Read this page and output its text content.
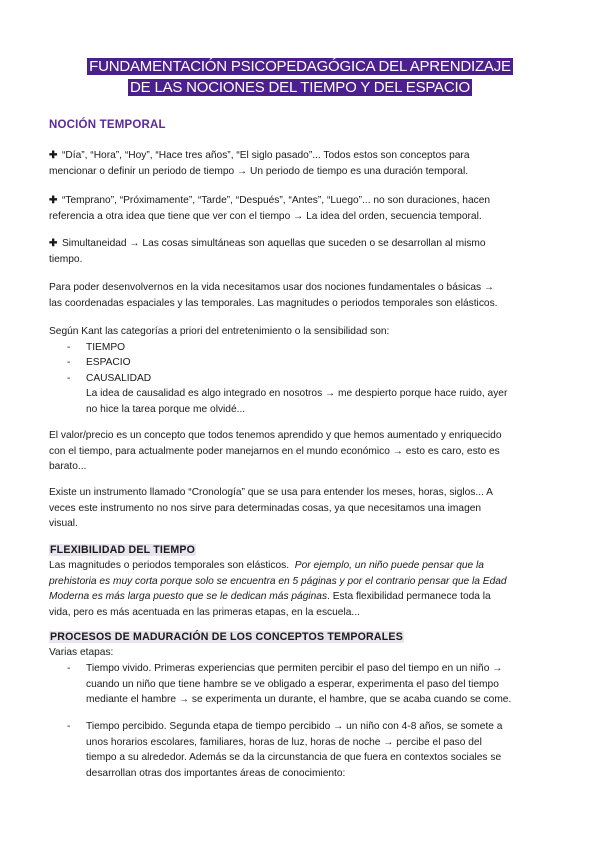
FUNDAMENTACIÓN PSICOPEDAGÓGICA DEL APRENDIZAJE
DE LAS NOCIONES DEL TIEMPO Y DEL ESPACIO
NOCIÓN TEMPORAL
✚ “Día”, “Hora”, “Hoy”, “Hace tres años”, “El siglo pasado”... Todos estos son conceptos para
mencionar o definir un periodo de tiempo → Un periodo de tiempo es una duración temporal.
✚ “Temprano”, “Próximamente”, “Tarde”, “Después”, “Antes”, “Luego”... no son duraciones, hacen
referencia a otra idea que tiene que ver con el tiempo → La idea del orden, secuencia temporal.
✚ Simultaneidad → Las cosas simultáneas son aquellas que suceden o se desarrollan al mismo
tiempo.
Para poder desenvolvernos en la vida necesitamos usar dos nociones fundamentales o básicas →
las coordenadas espaciales y las temporales. Las magnitudes o periodos temporales son elásticos.
Según Kant las categorías a priori del entretenimiento o la sensibilidad son:
- TIEMPO
- ESPACIO
- CAUSALIDAD
La idea de causalidad es algo integrado en nosotros → me despierto porque hace ruido, ayer
no hice la tarea porque me olvidé...
El valor/precio es un concepto que todos tenemos aprendido y que hemos aumentado y enriquecido
con el tiempo, para actualmente poder manejarnos en el mundo económico → esto es caro, esto es
barato...
Existe un instrumento llamado “Cronología” que se usa para entender los meses, horas, siglos... A
veces este instrumento no nos sirve para determinadas cosas, ya que necesitamos una imagen
visual.
FLEXIBILIDAD DEL TIEMPO
Las magnitudes o periodos temporales son elásticos.  Por ejemplo, un niño puede pensar que la
prehistoria es muy corta porque solo se encuentra en 5 páginas y por el contrario pensar que la Edad
Moderna es más larga puesto que se le dedican más páginas. Esta flexibilidad permanece toda la
vida, pero es más acentuada en las primeras etapas, en la escuela...
PROCESOS DE MADURACIÓN DE LOS CONCEPTOS TEMPORALES
Varias etapas:
- Tiempo vivido. Primeras experiencias que permiten percibir el paso del tiempo en un niño →
cuando un niño que tiene hambre se ve obligado a esperar, experimenta el paso del tiempo
mediante el hambre → se experimenta un durante, el hambre, que se acaba cuando se come.
- Tiempo percibido. Segunda etapa de tiempo percibido → un niño con 4-8 años, se somete a
unos horarios escolares, familiares, horas de luz, horas de noche → percibe el paso del
tiempo a su alrededor. Además se da la circunstancia de que fuera en contextos sociales se
desarrollan otras dos importantes áreas de conocimiento:
